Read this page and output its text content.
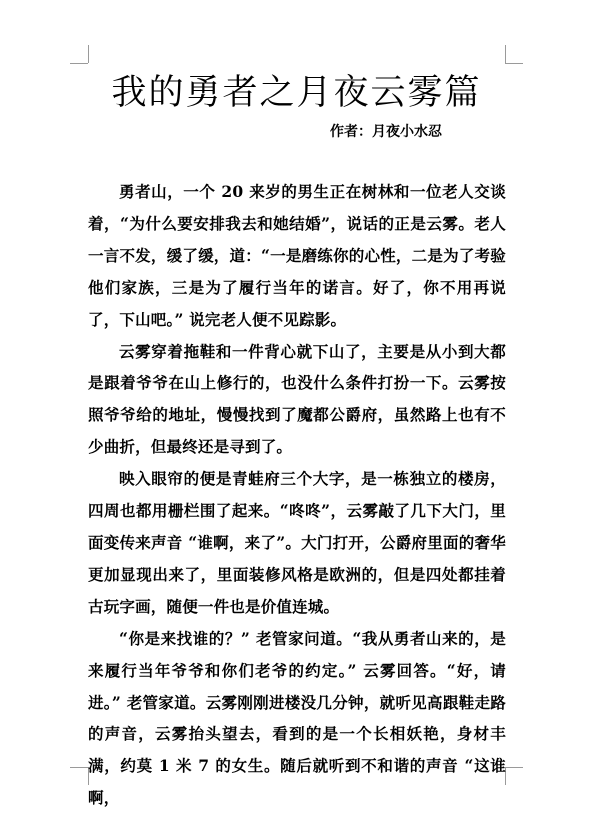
我的勇者之月夜云雾篇
作者：月夜小水忍

勇者山，一个 20 来岁的男生正在树林和一位老人交谈着，“为什么要安排我去和她结婚”，说话的正是云雾。老人一言不发，缓了缓，道：“一是磨练你的心性，二是为了考验他们家族，三是为了履行当年的诺言。好了，你不用再说了，下山吧。” 说完老人便不见踪影。

云雾穿着拖鞋和一件背心就下山了，主要是从小到大都是跟着爷爷在山上修行的，也没什么条件打扮一下。云雾按照爷爷给的地址，慢慢找到了魔都公爵府，虽然路上也有不少曲折，但最终还是寻到了。

映入眼帘的便是青蛙府三个大字，是一栋独立的楼房，四周也都用栅栏围了起来。“咚咚”，云雾敲了几下大门，里面变传来声音 “谁啊，来了”。大门打开，公爵府里面的奢华更加显现出来了，里面装修风格是欧洲的，但是四处都挂着古玩字画，随便一件也是价值连城。

“你是来找谁的？” 老管家问道。“我从勇者山来的，是来履行当年爷爷和你们老爷的约定。” 云雾回答。“好，请进。” 老管家道。云雾刚刚进楼没几分钟，就听见高跟鞋走路的声音，云雾抬头望去，看到的是一个长相妖艳，身材丰满，约莫 1 米 7 的女生。随后就听到不和谐的声音 “这谁啊，
